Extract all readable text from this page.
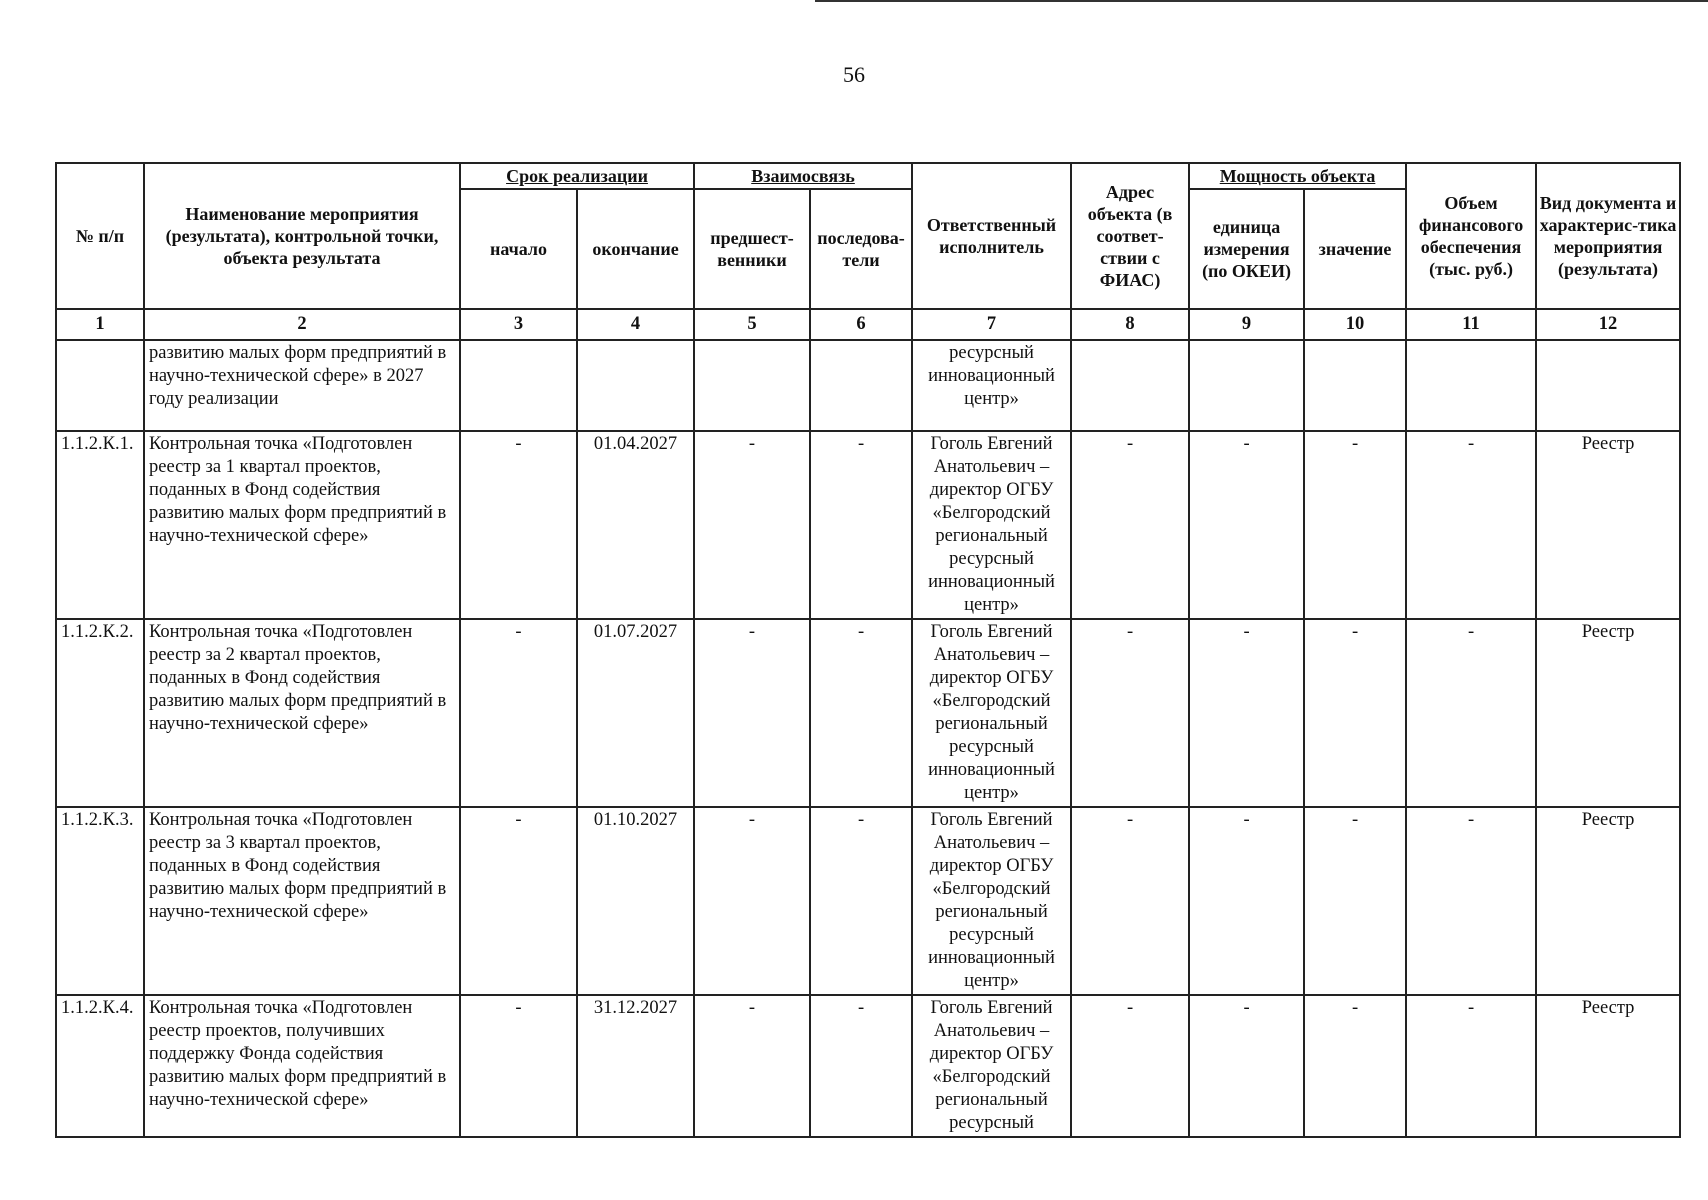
56
№ п/п	Наименование мероприятия (результата), контрольной точки, объекта результата	Срок реализации		Взаимосвязь		Ответственный исполнитель	Адрес объекта (в соответ-ствии с ФИАС)	Мощность объекта		Объем финансового обеспечения (тыс. руб.)	Вид документа и характерис-тика мероприятия (результата)
		начало	окончание	предшест-венники	последова-тели			единица измерения (по ОКЕИ)	значение		
1	2	3	4	5	6	7	8	9	10	11	12
	развитию малых форм предприятий в научно-технической сфере» в 2027 году реализации					ресурсный инновационный центр»					
1.1.2.К.1.	Контрольная точка «Подготовлен реестр за 1 квартал проектов, поданных в Фонд содействия развитию малых форм предприятий в научно-технической сфере»	-	01.04.2027	-	-	Гоголь Евгений Анатольевич – директор ОГБУ «Белгородский региональный ресурсный инновационный центр»	-	-	-	-	Реестр
1.1.2.К.2.	Контрольная точка «Подготовлен реестр за 2 квартал проектов, поданных в Фонд содействия развитию малых форм предприятий в научно-технической сфере»	-	01.07.2027	-	-	Гоголь Евгений Анатольевич – директор ОГБУ «Белгородский региональный ресурсный инновационный центр»	-	-	-	-	Реестр
1.1.2.К.3.	Контрольная точка «Подготовлен реестр за 3 квартал проектов, поданных в Фонд содействия развитию малых форм предприятий в научно-технической сфере»	-	01.10.2027	-	-	Гоголь Евгений Анатольевич – директор ОГБУ «Белгородский региональный ресурсный инновационный центр»	-	-	-	-	Реестр
1.1.2.К.4.	Контрольная точка «Подготовлен реестр проектов, получивших поддержку Фонда содействия развитию малых форм предприятий в научно-технической сфере»	-	31.12.2027	-	-	Гоголь Евгений Анатольевич – директор ОГБУ «Белгородский региональный ресурсный	-	-	-	-	Реестр
